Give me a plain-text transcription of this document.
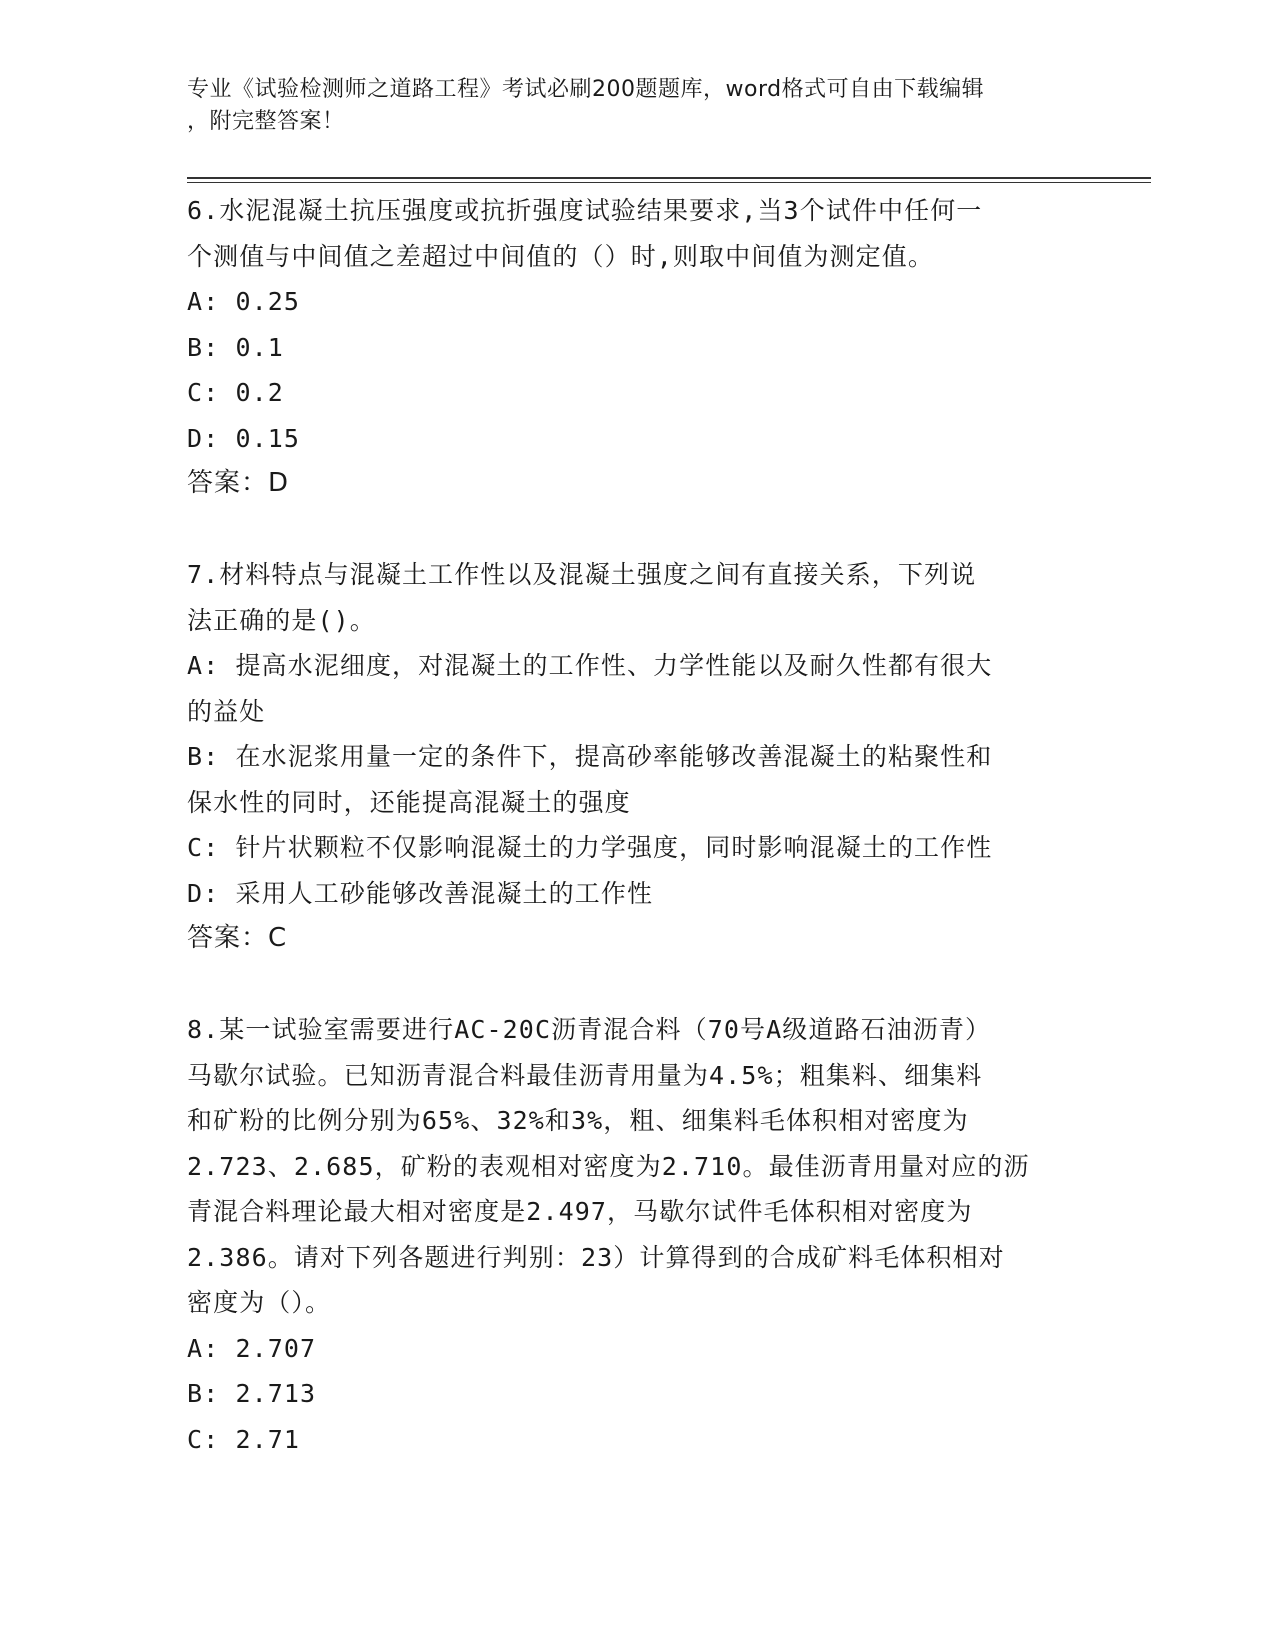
专业《试验检测师之道路工程》考试必刷200题题库，word格式可自由下载编辑
，附完整答案！
6.水泥混凝土抗压强度或抗折强度试验结果要求,当3个试件中任何一
个测值与中间值之差超过中间值的（）时,则取中间值为测定值。
A: 0.25
B: 0.1
C: 0.2
D: 0.15
答案：D
7.材料特点与混凝土工作性以及混凝土强度之间有直接关系，下列说
法正确的是()。
A: 提高水泥细度，对混凝土的工作性、力学性能以及耐久性都有很大
的益处
B: 在水泥浆用量一定的条件下，提高砂率能够改善混凝土的粘聚性和
保水性的同时，还能提高混凝土的强度
C: 针片状颗粒不仅影响混凝土的力学强度，同时影响混凝土的工作性
D: 采用人工砂能够改善混凝土的工作性
答案：C
8.某一试验室需要进行AC-20C沥青混合料（70号A级道路石油沥青）
马歇尔试验。已知沥青混合料最佳沥青用量为4.5%；粗集料、细集料
和矿粉的比例分别为65%、32%和3%，粗、细集料毛体积相对密度为
2.723、2.685，矿粉的表观相对密度为2.710。最佳沥青用量对应的沥
青混合料理论最大相对密度是2.497，马歇尔试件毛体积相对密度为
2.386。请对下列各题进行判别：23）计算得到的合成矿料毛体积相对
密度为（）。
A: 2.707
B: 2.713
C: 2.71
